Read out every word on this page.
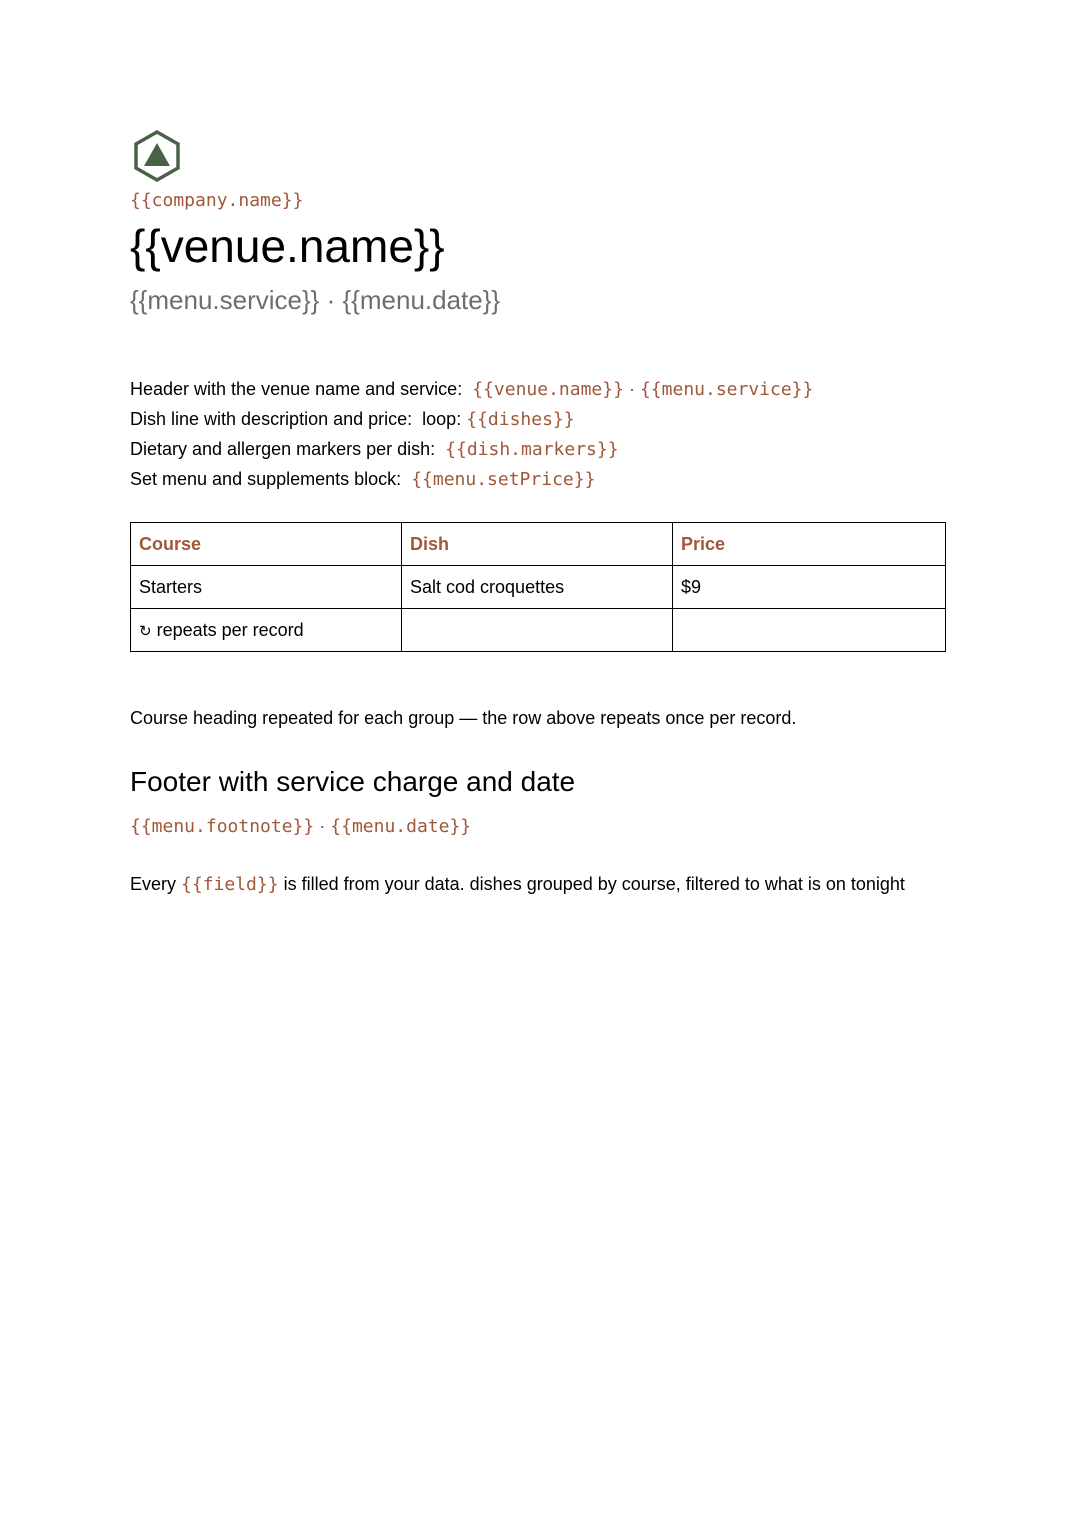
{{company.name}}
{{venue.name}}
{{menu.service}} · {{menu.date}}
Header with the venue name and service: {{venue.name}} · {{menu.service}}
Dish line with description and price: loop: {{dishes}}
Dietary and allergen markers per dish: {{dish.markers}}
Set menu and supplements block: {{menu.setPrice}}
Course	Dish	Price
Starters	Salt cod croquettes	$9
↻ repeats per record		
Course heading repeated for each group — the row above repeats once per record.
Footer with service charge and date
{{menu.footnote}} · {{menu.date}}
Every {{field}} is filled from your data. dishes grouped by course, filtered to what is on tonight
